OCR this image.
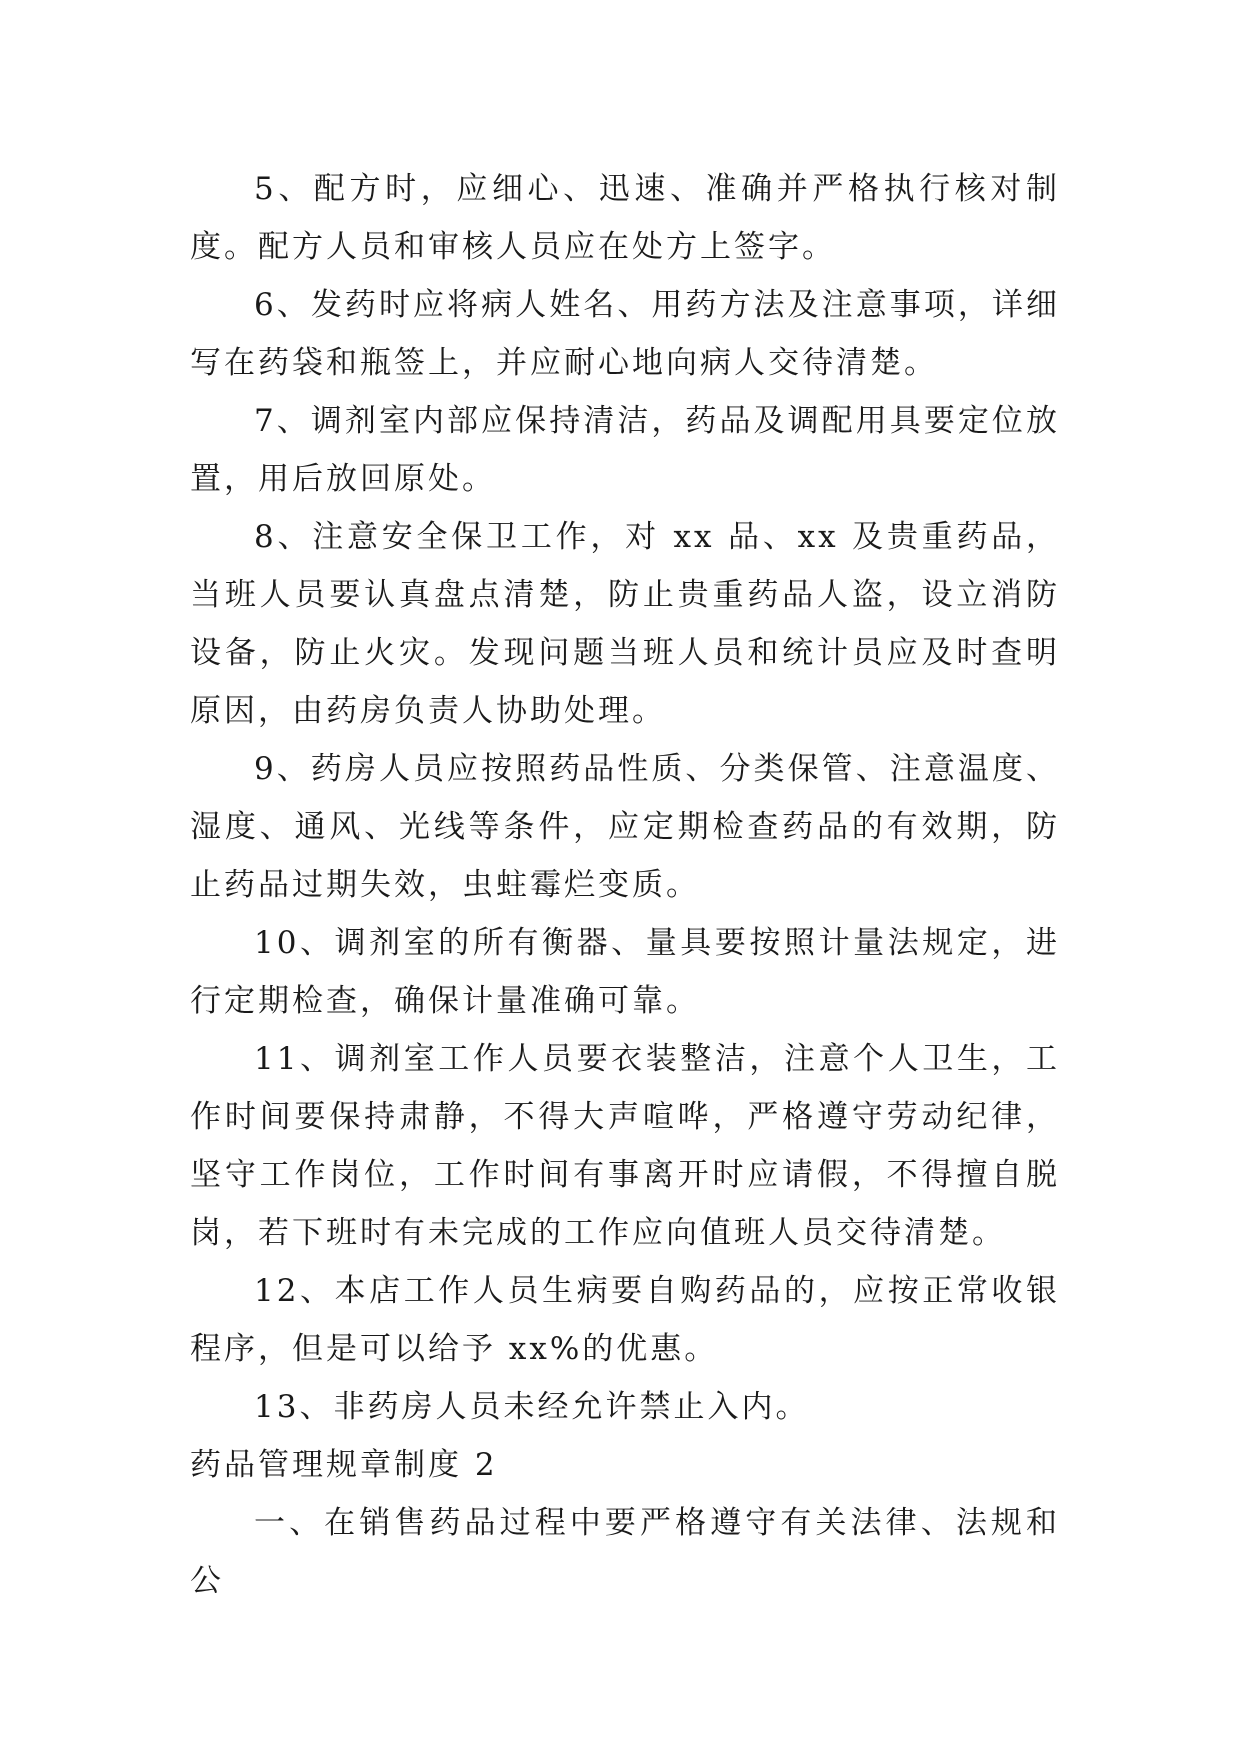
5、配方时，应细心、迅速、准确并严格执行核对制度。配方人员和审核人员应在处方上签字。

6、发药时应将病人姓名、用药方法及注意事项，详细写在药袋和瓶签上，并应耐心地向病人交待清楚。

7、调剂室内部应保持清洁，药品及调配用具要定位放置，用后放回原处。

8、注意安全保卫工作，对 xx 品、xx 及贵重药品，当班人员要认真盘点清楚，防止贵重药品人盗，设立消防设备，防止火灾。发现问题当班人员和统计员应及时查明原因，由药房负责人协助处理。

9、药房人员应按照药品性质、分类保管、注意温度、湿度、通风、光线等条件，应定期检查药品的有效期，防止药品过期失效，虫蛀霉烂变质。

10、调剂室的所有衡器、量具要按照计量法规定，进行定期检查，确保计量准确可靠。

11、调剂室工作人员要衣装整洁，注意个人卫生，工作时间要保持肃静，不得大声喧哗，严格遵守劳动纪律，坚守工作岗位，工作时间有事离开时应请假，不得擅自脱岗，若下班时有未完成的工作应向值班人员交待清楚。

12、本店工作人员生病要自购药品的，应按正常收银程序，但是可以给予 xx%的优惠。

13、非药房人员未经允许禁止入内。

药品管理规章制度 2

一、在销售药品过程中要严格遵守有关法律、法规和公
